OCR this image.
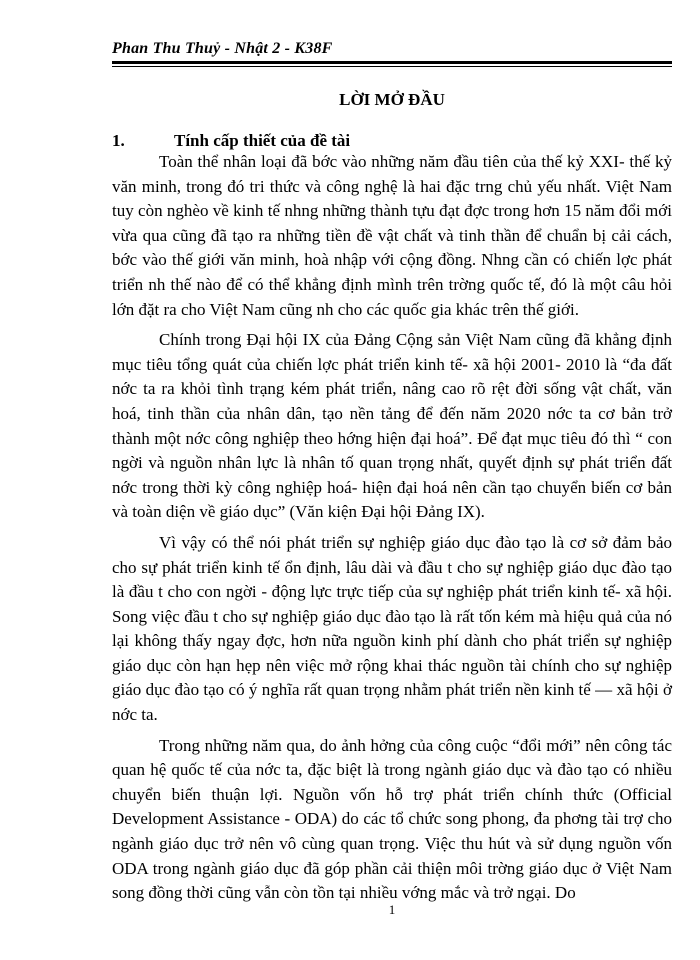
Phan Thu Thuỷ - Nhật 2 - K38F
LỜI MỞ ĐẦU
1.	Tính cấp thiết của đề tài

Toàn thể nhân loại đã bớc vào những năm đầu tiên của thế kỷ XXI- thế kỷ văn minh, trong đó tri thức và công nghệ là hai đặc trng chủ yếu nhất. Việt Nam tuy còn nghèo về kinh tế nhng những thành tựu đạt đợc trong hơn 15 năm đổi mới vừa qua cũng đã tạo ra những tiền đề vật chất và tinh thần để chuẩn bị cải cách, bớc vào thế giới văn minh, hoà nhập với cộng đồng. Nhng cần có chiến lợc phát triển nh thế nào để có thể khẳng định mình trên trờng quốc tế, đó là một câu hỏi lớn đặt ra cho Việt Nam cũng nh cho các quốc gia khác trên thế giới.

Chính trong Đại hội IX của Đảng Cộng sản Việt Nam cũng đã khẳng định mục tiêu tổng quát của chiến lợc phát triển kinh tế- xã hội 2001- 2010 là “đa đất nớc ta ra khỏi tình trạng kém phát triển, nâng cao rõ rệt đời sống vật chất, văn hoá, tinh thần của nhân dân, tạo nền tảng để đến năm 2020 nớc ta cơ bản trở thành một nớc công nghiệp theo hớng hiện đại hoá”. Để đạt mục tiêu đó thì “ con ngời và nguồn nhân lực là nhân tố quan trọng nhất, quyết định sự phát triển đất nớc trong thời kỳ công nghiệp hoá- hiện đại hoá nên cần tạo chuyển biến cơ bản và toàn diện về giáo dục” (Văn kiện Đại hội Đảng IX).

Vì vậy có thể nói phát triển sự nghiệp giáo dục đào tạo là cơ sở đảm bảo cho sự phát triển kinh tế ổn định, lâu dài và đầu t cho sự nghiệp giáo dục đào tạo là đầu t cho con ngời - động lực trực tiếp của sự nghiệp phát triển kinh tế- xã hội. Song việc đầu t cho sự nghiệp giáo dục đào tạo là rất tốn kém mà hiệu quả của nó lại không thấy ngay đợc, hơn nữa nguồn kinh phí dành cho phát triển sự nghiệp giáo dục còn hạn hẹp nên việc mở rộng khai thác nguồn tài chính cho sự nghiệp giáo dục đào tạo có ý nghĩa rất quan trọng nhằm phát triển nền kinh tế — xã hội ở nớc ta.

Trong những năm qua, do ảnh hởng của công cuộc “đổi mới” nên công tác quan hệ quốc tế của nớc ta, đặc biệt là trong ngành giáo dục và đào tạo có nhiều chuyển biến thuận lợi. Nguồn vốn hỗ trợ phát triển chính thức (Official Development Assistance - ODA) do các tổ chức song phong, đa phơng tài trợ cho ngành giáo dục trở nên vô cùng quan trọng. Việc thu hút và sử dụng nguồn vốn ODA trong ngành giáo dục đã góp phần cải thiện môi trờng giáo dục ở Việt Nam song đồng thời cũng vẫn còn tồn tại nhiều vớng mắc và trở ngại. Do

1
